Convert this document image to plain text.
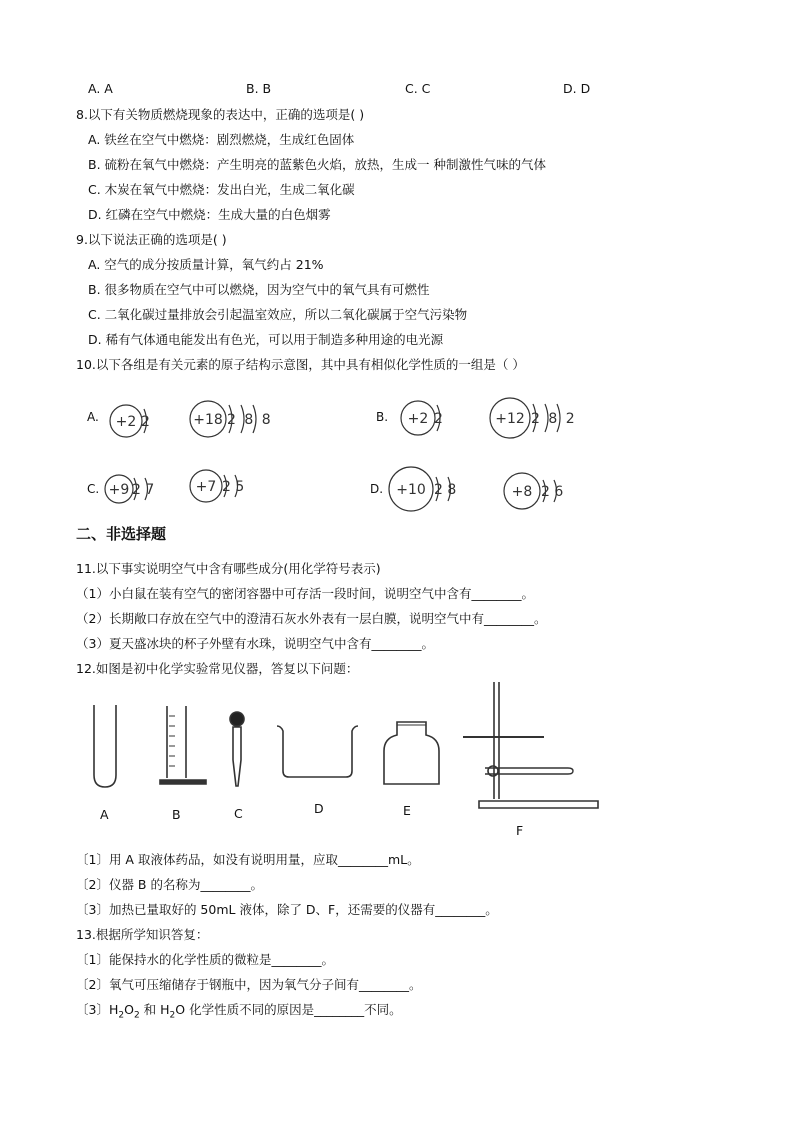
A. A	B. B	C. C	D. D
8.以下有关物质燃烧现象的表达中，正确的选项是( )
A. 铁丝在空气中燃烧：剧烈燃烧，生成红色固体
B. 硫粉在氧气中燃烧：产生明亮的蓝紫色火焰，放热，生成一 种制激性气味的气体
C. 木炭在氧气中燃烧：发出白光，生成二氧化碳
D. 红磷在空气中燃烧：生成大量的白色烟雾
9.以下说法正确的选项是( )
A. 空气的成分按质量计算，氧气约占 21%
B. 很多物质在空气中可以燃烧，因为空气中的氧气具有可燃性
C. 二氧化碳过量排放会引起温室效应，所以二氧化碳属于空气污染物
D. 稀有气体通电能发出有色光，可以用于制造多种用途的电光源
10.以下各组是有关元素的原子结构示意图，其中具有相似化学性质的一组是（ ）
A.	B.
C.	D.
+2 2	+18 2 8 8	+2 2	+12 2 8 2
+9 2 7	+7 2 5	+10 2 8	+8 2 6
二、非选择题
11.以下事实说明空气中含有哪些成分(用化学符号表示)
（1）小白鼠在装有空气的密闭容器中可存活一段时间，说明空气中含有________。
（2）长期敞口存放在空气中的澄清石灰水外表有一层白膜，说明空气中有________。
（3）夏天盛冰块的杯子外壁有水珠，说明空气中含有________。
12.如图是初中化学实验常见仪器，答复以下问题：
A	B	C	D	E
F
〔1〕用 A 取液体药品，如没有说明用量，应取________mL。
〔2〕仪器 B 的名称为________。
〔3〕加热已量取好的 50mL 液体，除了 D、F，还需要的仪器有________。
13.根据所学知识答复：
〔1〕能保持水的化学性质的微粒是________。
〔2〕氧气可压缩储存于钢瓶中，因为氧气分子间有________。
〔3〕$H_2O_2$ 和 $H_2O$ 化学性质不同的原因是________不同。
